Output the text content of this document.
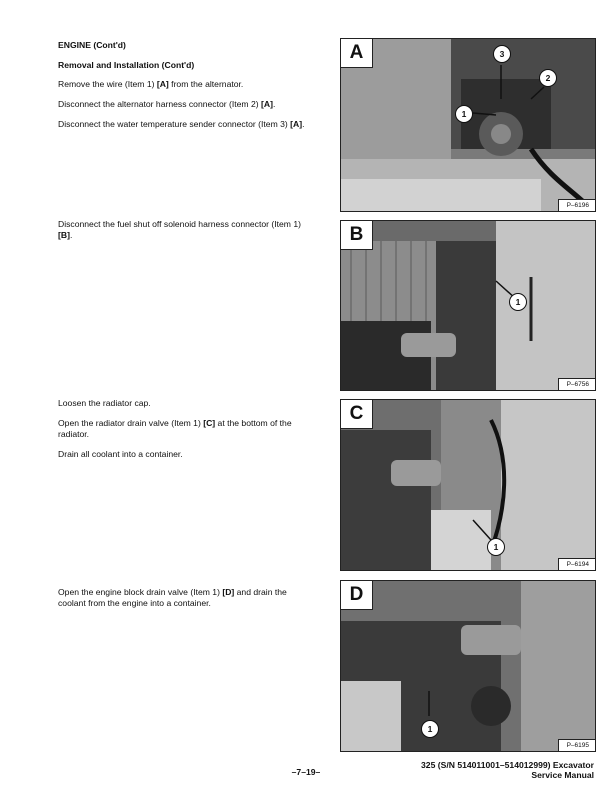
ENGINE (Cont'd)

Removal and Installation (Cont'd)

Remove the wire (Item 1) [A] from the alternator.

Disconnect the alternator harness connector (Item 2) [A].

Disconnect the water temperature sender connector (Item 3) [A].

Disconnect the fuel shut off solenoid harness connector (Item 1) [B].

Loosen the radiator cap.

Open the radiator drain valve (Item 1) [C] at the bottom of the radiator.

Drain all coolant into a container.

Open the engine block drain valve (Item 1) [D] and drain the coolant from the engine into a container.

A	3
2
1
P–6196
B
1
P–6756
C
1
P–6194
D
1
P–6195
–7–19–
325 (S/N 514011001–514012999) Excavator
Service Manual
